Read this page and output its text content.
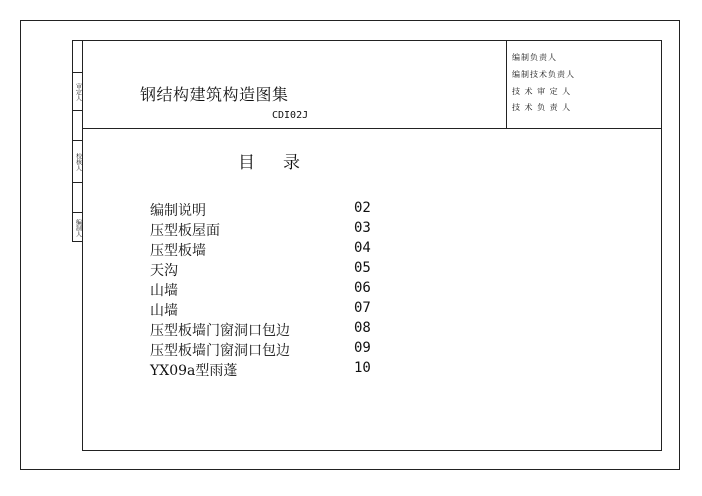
审定人
校核人
编制人
钢结构建筑构造图集
CDI02J
编制负责人
编制技术负责人
技 术 审 定 人
技 术 负 责 人
目录
编制说明	02
压型板屋面	03
压型板墙	04
天沟	05
山墙	06
山墙	07
压型板墙门窗洞口包边	08
压型板墙门窗洞口包边	09
YX09a型雨蓬	10
